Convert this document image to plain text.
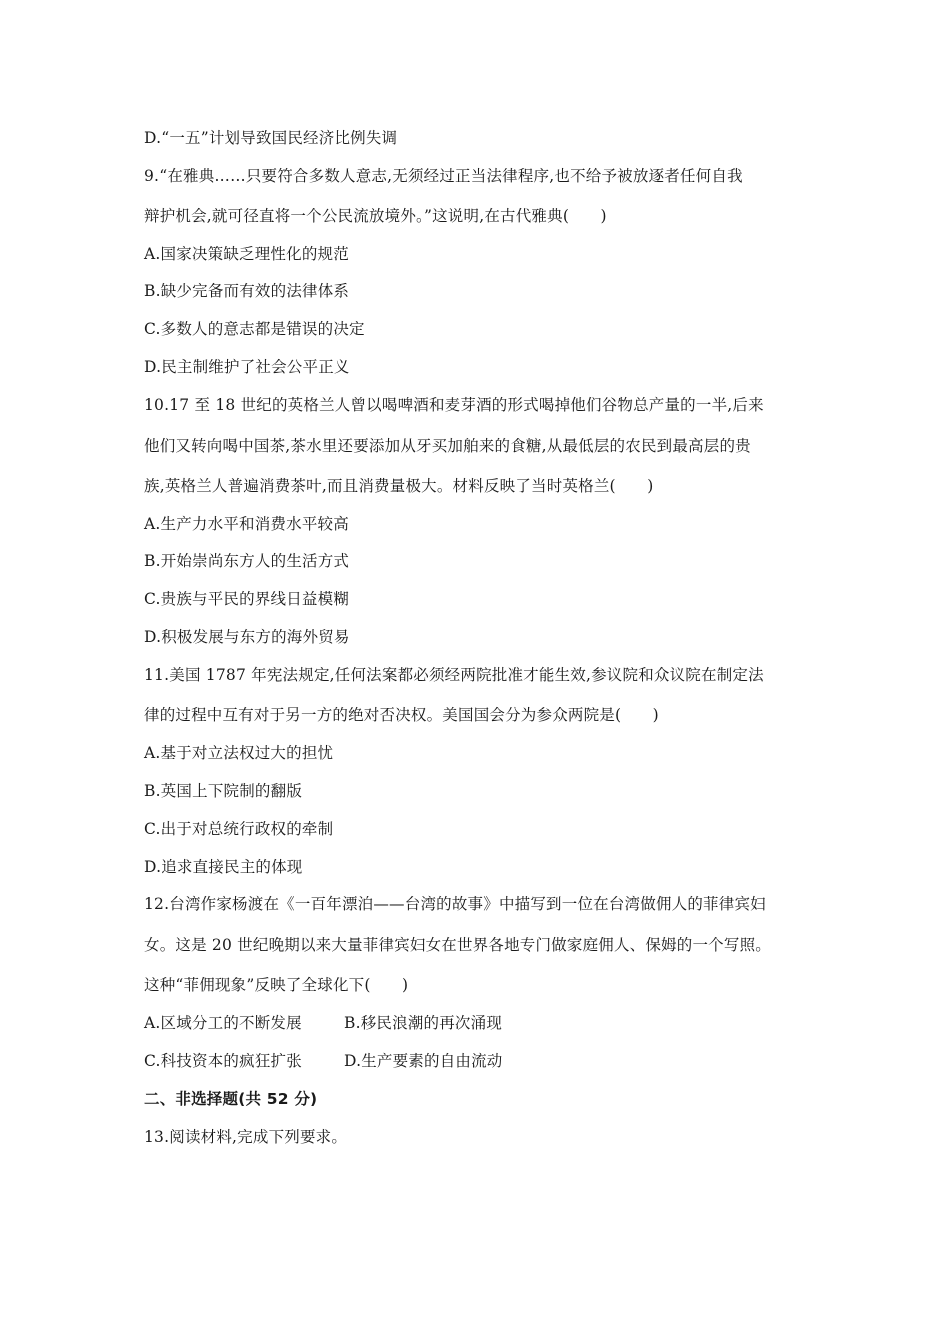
D.“一五”计划导致国民经济比例失调
9.“在雅典……只要符合多数人意志,无须经过正当法律程序,也不给予被放逐者任何自我
辩护机会,就可径直将一个公民流放境外。”这说明,在古代雅典(　　)
A.国家决策缺乏理性化的规范
B.缺少完备而有效的法律体系
C.多数人的意志都是错误的决定
D.民主制维护了社会公平正义
10.17 至 18 世纪的英格兰人曾以喝啤酒和麦芽酒的形式喝掉他们谷物总产量的一半,后来
他们又转向喝中国茶,茶水里还要添加从牙买加舶来的食糖,从最低层的农民到最高层的贵
族,英格兰人普遍消费茶叶,而且消费量极大。材料反映了当时英格兰(　　)
A.生产力水平和消费水平较高
B.开始崇尚东方人的生活方式
C.贵族与平民的界线日益模糊
D.积极发展与东方的海外贸易
11.美国 1787 年宪法规定,任何法案都必须经两院批准才能生效,参议院和众议院在制定法
律的过程中互有对于另一方的绝对否决权。美国国会分为参众两院是(　　)
A.基于对立法权过大的担忧
B.英国上下院制的翻版
C.出于对总统行政权的牵制
D.追求直接民主的体现
12.台湾作家杨渡在《一百年漂泊——台湾的故事》中描写到一位在台湾做佣人的菲律宾妇
女。这是 20 世纪晚期以来大量菲律宾妇女在世界各地专门做家庭佣人、保姆的一个写照。
这种“菲佣现象”反映了全球化下(　　)
A.区域分工的不断发展	B.移民浪潮的再次涌现
C.科技资本的疯狂扩张	D.生产要素的自由流动
二、非选择题(共 52 分)
13.阅读材料,完成下列要求。
